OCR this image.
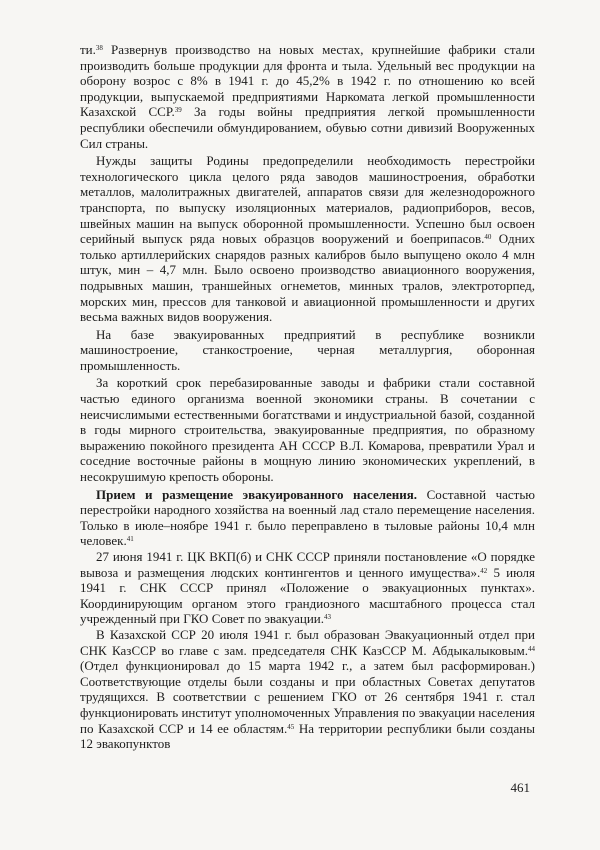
ти.$^{38}$ Развернув производство на новых местах, крупнейшие фабрики стали производить больше продукции для фронта и тыла. Удельный вес продукции на оборону возрос с 8% в 1941 г. до 45,2% в 1942 г. по отношению ко всей продукции, выпускаемой предприятиями Наркомата легкой промышленности Казахской ССР.$^{39}$ За годы войны предприятия легкой промышленности республики обеспечили обмундированием, обувью сотни дивизий Вооруженных Сил страны.

Нужды защиты Родины предопределили необходимость перестройки технологического цикла целого ряда заводов машиностроения, обработки металлов, малолитражных двигателей, аппаратов связи для железнодорожного транспорта, по выпуску изоляционных материалов, радиоприборов, весов, швейных машин на выпуск оборонной промышленности. Успешно был освоен серийный выпуск ряда новых образцов вооружений и боеприпасов.$^{40}$ Одних только артиллерийских снарядов разных калибров было выпущено около 4 млн штук, мин – 4,7 млн. Было освоено производство авиационного вооружения, подрывных машин, траншейных огнеметов, минных тралов, электроторпед, морских мин, прессов для танковой и авиационной промышленности и других весьма важных видов вооружения.

На базе эвакуированных предприятий в республике возникли машиностроение, станкостроение, черная металлургия, оборонная промышленность.

За короткий срок перебазированные заводы и фабрики стали составной частью единого организма военной экономики страны. В сочетании с неисчислимыми естественными богатствами и индустриальной базой, созданной в годы мирного строительства, эвакуированные предприятия, по образному выражению покойного президента АН СССР В.Л. Комарова, превратили Урал и соседние восточные районы в мощную линию экономических укреплений, в несокрушимую крепость обороны.

Прием и размещение эвакуированного населения. Составной частью перестройки народного хозяйства на военный лад стало перемещение населения. Только в июле–ноябре 1941 г. было переправлено в тыловые районы 10,4 млн человек.$^{41}$

27 июня 1941 г. ЦК ВКП(б) и СНК СССР приняли постановление «О порядке вывоза и размещения людских контингентов и ценного имущества».$^{42}$ 5 июля 1941 г. СНК СССР принял «Положение о эвакуационных пунктах». Координирующим органом этого грандиозного масштабного процесса стал учрежденный при ГКО Совет по эвакуации.$^{43}$

В Казахской ССР 20 июля 1941 г. был образован Эвакуационный отдел при СНК КазССР во главе с зам. председателя СНК КазССР М. Абдыкалыковым.$^{44}$ (Отдел функционировал до 15 марта 1942 г., а затем был расформирован.) Соответствующие отделы были созданы и при областных Советах депутатов трудящихся. В соответствии с решением ГКО от 26 сентября 1941 г. стал функционировать институт уполномоченных Управления по эвакуации населения по Казахской ССР и 14 ее областям.$^{45}$ На территории республики были созданы 12 эвакопунктов

461
